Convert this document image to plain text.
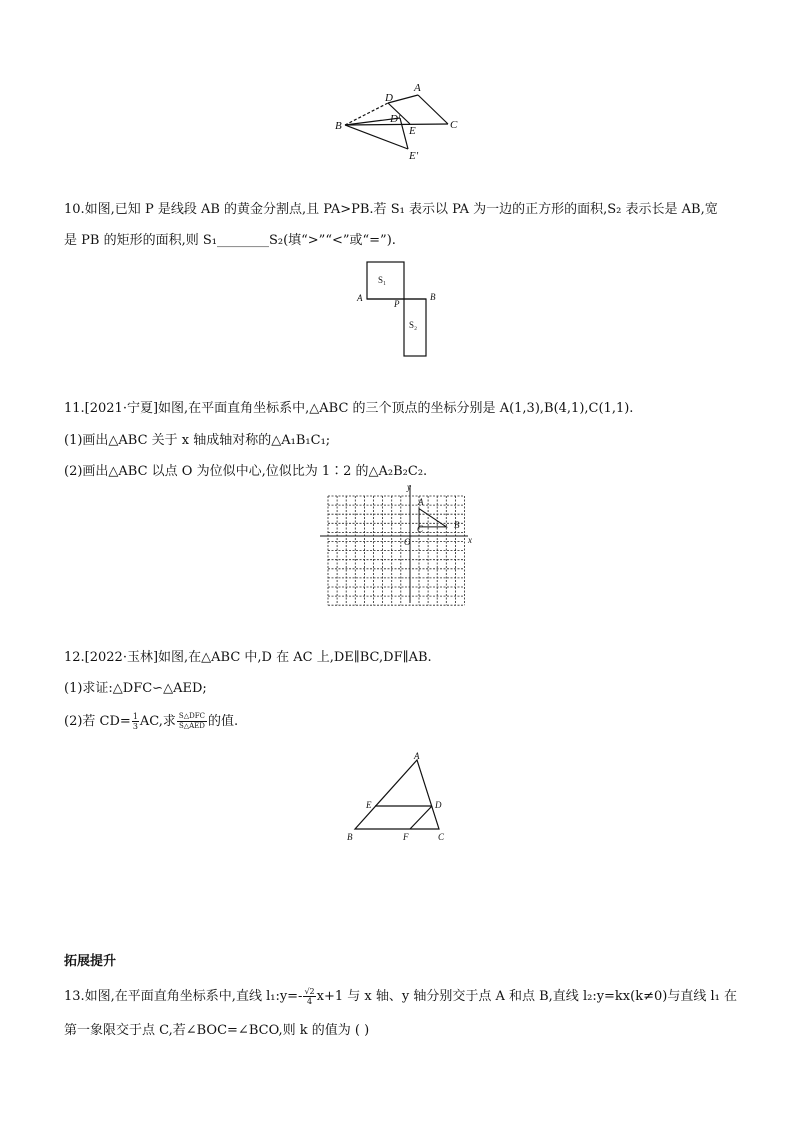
A
D
B
D'
E	C
E'
10.如图,已知 P 是线段 AB 的黄金分割点,且 PA>PB.若 S₁ 表示以 PA 为一边的正方形的面积,S₂ 表示长是 AB,宽
是 PB 的矩形的面积,则 S₁________S₂(填“>”“<”或“=”).
S₁
S₂
A
P
B
11.[2021·宁夏]如图,在平面直角坐标系中,△ABC 的三个顶点的坐标分别是 A(1,3),B(4,1),C(1,1).
(1)画出△ABC 关于 x 轴成轴对称的△A₁B₁C₁;
(2)画出△ABC 以点 O 为位似中心,位似比为 1∶2 的△A₂B₂C₂.
x
y
O
A
B
C
12.[2022·玉林]如图,在△ABC 中,D 在 AC 上,DE∥BC,DF∥AB.
(1)求证:△DFC∽△AED;
(2)若 $CD= \frac{1}{3}$ AC,求 S△DFC
S△AED 的值.
A
E	D
B	F	C
拓展提升
13.如图,在平面直角坐标系中,直线 l₁:y=- $\frac{√2}{4} x+1$ 与 x 轴、y 轴分别交于点 A 和点 B,直线 l₂:y=kx(k≠0)与直线 l₁ 在
第一象限交于点 C,若∠BOC=∠BCO,则 k 的值为 ( )
